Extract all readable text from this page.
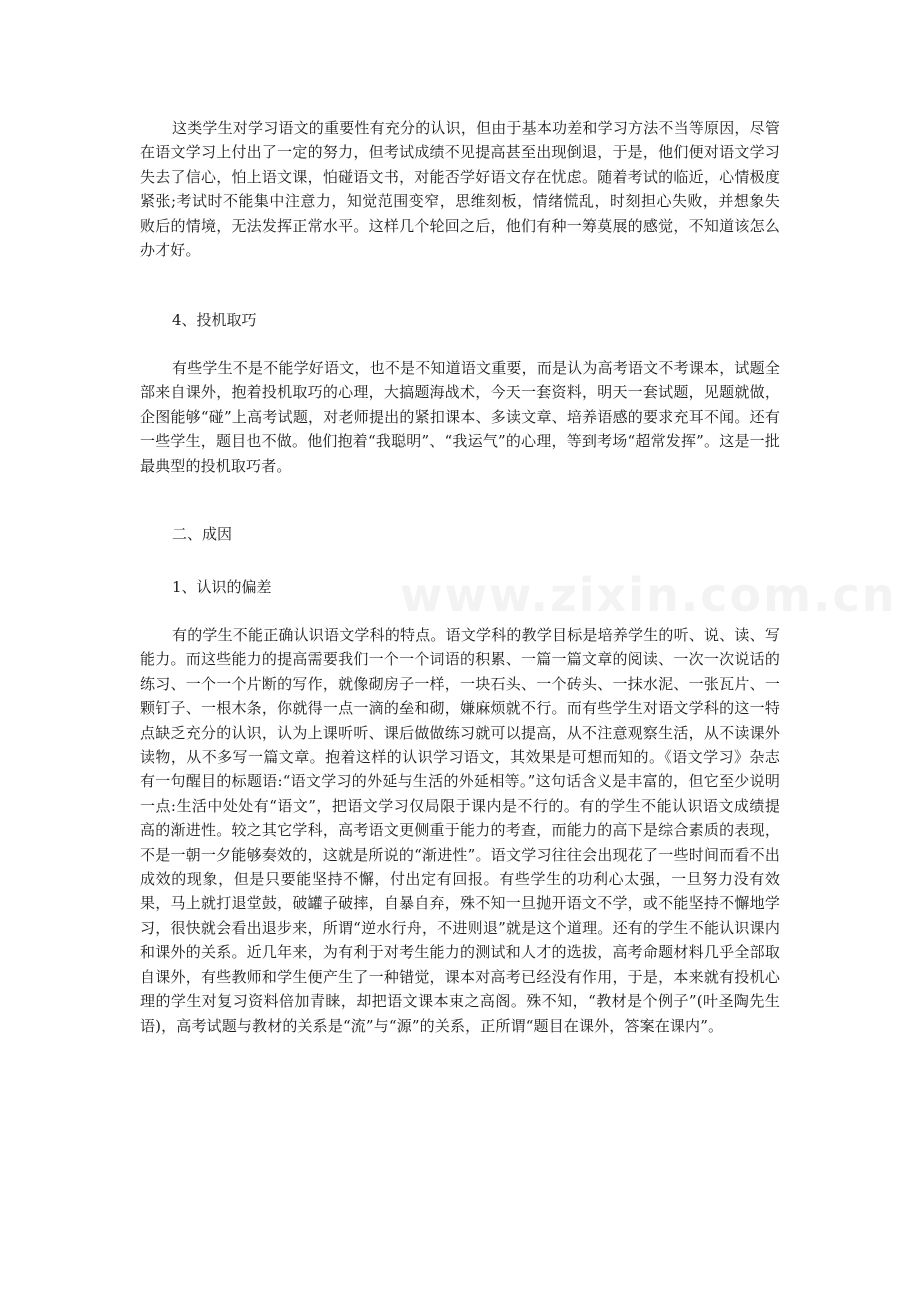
这类学生对学习语文的重要性有充分的认识，但由于基本功差和学习方法不当等原因，尽管在语文学习上付出了一定的努力，但考试成绩不见提高甚至出现倒退，于是，他们便对语文学习失去了信心，怕上语文课，怕碰语文书，对能否学好语文存在忧虑。随着考试的临近，心情极度紧张;考试时不能集中注意力，知觉范围变窄，思维刻板，情绪慌乱，时刻担心失败，并想象失败后的情境，无法发挥正常水平。这样几个轮回之后，他们有种一筹莫展的感觉，不知道该怎么办才好。

4、投机取巧

有些学生不是不能学好语文，也不是不知道语文重要，而是认为高考语文不考课本，试题全部来自课外，抱着投机取巧的心理，大搞题海战术，今天一套资料，明天一套试题，见题就做，企图能够“碰”上高考试题，对老师提出的紧扣课本、多读文章、培养语感的要求充耳不闻。还有一些学生，题目也不做。他们抱着“我聪明”、“我运气”的心理，等到考场“超常发挥”。这是一批最典型的投机取巧者。

二、成因

1、认识的偏差

有的学生不能正确认识语文学科的特点。语文学科的教学目标是培养学生的听、说、读、写能力。而这些能力的提高需要我们一个一个词语的积累、一篇一篇文章的阅读、一次一次说话的练习、一个一个片断的写作，就像砌房子一样，一块石头、一个砖头、一抹水泥、一张瓦片、一颗钉子、一根木条，你就得一点一滴的垒和砌，嫌麻烦就不行。而有些学生对语文学科的这一特点缺乏充分的认识，认为上课听听、课后做做练习就可以提高，从不注意观察生活，从不读课外读物，从不多写一篇文章。抱着这样的认识学习语文，其效果是可想而知的。《语文学习》杂志有一句醒目的标题语:“语文学习的外延与生活的外延相等。”这句话含义是丰富的，但它至少说明一点:生活中处处有“语文”，把语文学习仅局限于课内是不行的。有的学生不能认识语文成绩提高的渐进性。较之其它学科，高考语文更侧重于能力的考查，而能力的高下是综合素质的表现，不是一朝一夕能够奏效的，这就是所说的“渐进性”。语文学习往往会出现花了一些时间而看不出成效的现象，但是只要能坚持不懈，付出定有回报。有些学生的功利心太强，一旦努力没有效果，马上就打退堂鼓，破罐子破摔，自暴自弃，殊不知一旦抛开语文不学，或不能坚持不懈地学习，很快就会看出退步来，所谓“逆水行舟，不进则退”就是这个道理。还有的学生不能认识课内和课外的关系。近几年来，为有利于对考生能力的测试和人才的选拔，高考命题材料几乎全部取自课外，有些教师和学生便产生了一种错觉，课本对高考已经没有作用，于是，本来就有投机心理的学生对复习资料倍加青睐，却把语文课本束之高阁。殊不知，“教材是个例子”(叶圣陶先生语)，高考试题与教材的关系是“流”与“源”的关系，正所谓“题目在课外，答案在课内”。

www.zixin.com.cn
